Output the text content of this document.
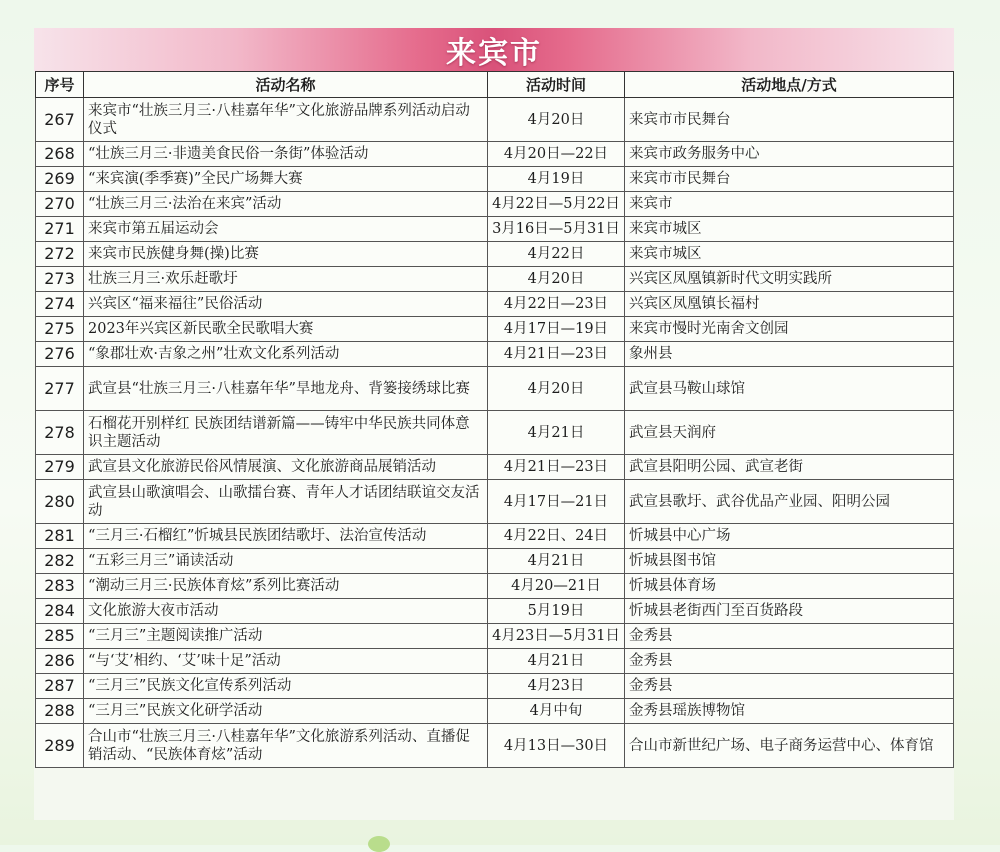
来宾市
序号	活动名称	活动时间	活动地点/方式
267	来宾市“壮族三月三·八桂嘉年华”文化旅游品牌系列活动启动仪式	4月20日	来宾市市民舞台
268	“壮族三月三·非遗美食民俗一条街”体验活动	4月20日—22日	来宾市政务服务中心
269	“来宾演(季季赛)”全民广场舞大赛	4月19日	来宾市市民舞台
270	“壮族三月三·法治在来宾”活动	4月22日—5月22日	来宾市
271	来宾市第五届运动会	3月16日—5月31日	来宾市城区
272	来宾市民族健身舞(操)比赛	4月22日	来宾市城区
273	壮族三月三·欢乐赶歌圩	4月20日	兴宾区凤凰镇新时代文明实践所
274	兴宾区“福来福往”民俗活动	4月22日—23日	兴宾区凤凰镇长福村
275	2023年兴宾区新民歌全民歌唱大赛	4月17日—19日	来宾市慢时光南舍文创园
276	“象郡壮欢·吉象之州”壮欢文化系列活动	4月21日—23日	象州县
277	武宣县“壮族三月三·八桂嘉年华”旱地龙舟、背篓接绣球比赛	4月20日	武宣县马鞍山球馆
278	石榴花开别样红 民族团结谱新篇——铸牢中华民族共同体意识主题活动	4月21日	武宣县天润府
279	武宣县文化旅游民俗风情展演、文化旅游商品展销活动	4月21日—23日	武宣县阳明公园、武宣老街
280	武宣县山歌演唱会、山歌擂台赛、青年人才话团结联谊交友活动	4月17日—21日	武宣县歌圩、武谷优品产业园、阳明公园
281	“三月三·石榴红”忻城县民族团结歌圩、法治宣传活动	4月22日、24日	忻城县中心广场
282	“五彩三月三”诵读活动	4月21日	忻城县图书馆
283	“潮动三月三·民族体育炫”系列比赛活动	4月20—21日	忻城县体育场
284	文化旅游大夜市活动	5月19日	忻城县老街西门至百货路段
285	“三月三”主题阅读推广活动	4月23日—5月31日	金秀县
286	“与‘艾’相约、‘艾’味十足”活动	4月21日	金秀县
287	“三月三”民族文化宣传系列活动	4月23日	金秀县
288	“三月三”民族文化研学活动	4月中旬	金秀县瑶族博物馆
289	合山市“壮族三月三·八桂嘉年华”文化旅游系列活动、直播促销活动、“民族体育炫”活动	4月13日—30日	合山市新世纪广场、电子商务运营中心、体育馆
